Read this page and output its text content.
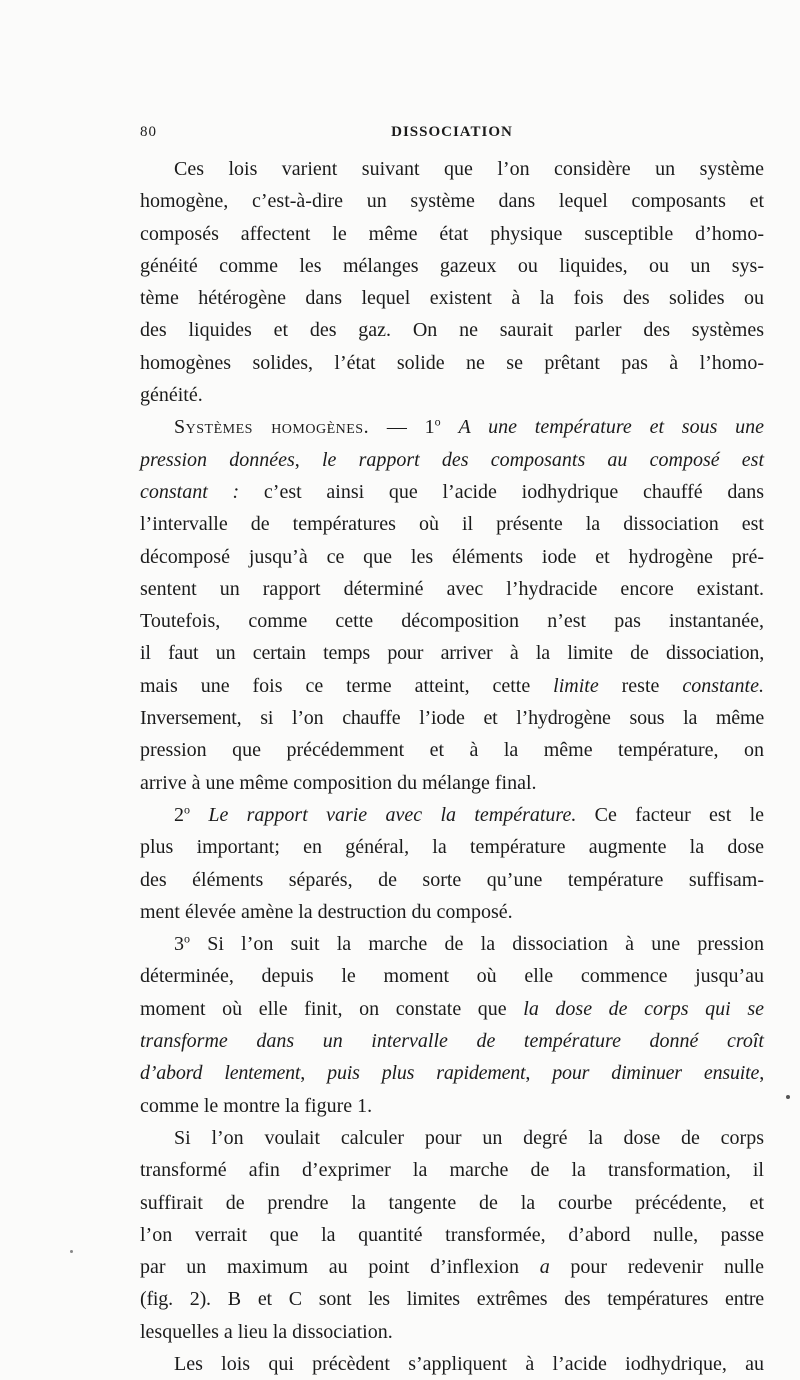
80	DISSOCIATION
Ces lois varient suivant que l’on considère un système
homogène, c’est-à-dire un système dans lequel composants et
composés affectent le même état physique susceptible d’homo-
généité comme les mélanges gazeux ou liquides, ou un sys-
tème hétérogène dans lequel existent à la fois des solides ou
des liquides et des gaz. On ne saurait parler des systèmes
homogènes solides, l’état solide ne se prêtant pas à l’homo-
généité.
Systèmes homogènes. — 1$^o$ A une température et sous une
pression données, le rapport des composants au composé est
constant : c’est ainsi que l’acide iodhydrique chauffé dans
l’intervalle de températures où il présente la dissociation est
décomposé jusqu’à ce que les éléments iode et hydrogène pré-
sentent un rapport déterminé avec l’hydracide encore existant.
Toutefois, comme cette décomposition n’est pas instantanée,
il faut un certain temps pour arriver à la limite de dissociation,
mais une fois ce terme atteint, cette limite reste constante.
Inversement, si l’on chauffe l’iode et l’hydrogène sous la même
pression que précédemment et à la même température, on
arrive à une même composition du mélange final.
2$^o$ Le rapport varie avec la température. Ce facteur est le
plus important; en général, la température augmente la dose
des éléments séparés, de sorte qu’une température suffisam-
ment élevée amène la destruction du composé.
3$^o$ Si l’on suit la marche de la dissociation à une pression
déterminée, depuis le moment où elle commence jusqu’au
moment où elle finit, on constate que la dose de corps qui se
transforme dans un intervalle de température donné croît
d’abord lentement, puis plus rapidement, pour diminuer ensuite,
comme le montre la figure 1.
Si l’on voulait calculer pour un degré la dose de corps
transformé afin d’exprimer la marche de la transformation, il
suffirait de prendre la tangente de la courbe précédente, et
l’on verrait que la quantité transformée, d’abord nulle, passe
par un maximum au point d’inflexion a pour redevenir nulle
(fig. 2). B et C sont les limites extrêmes des températures entre
lesquelles a lieu la dissociation.
Les lois qui précèdent s’appliquent à l’acide iodhydrique, au
